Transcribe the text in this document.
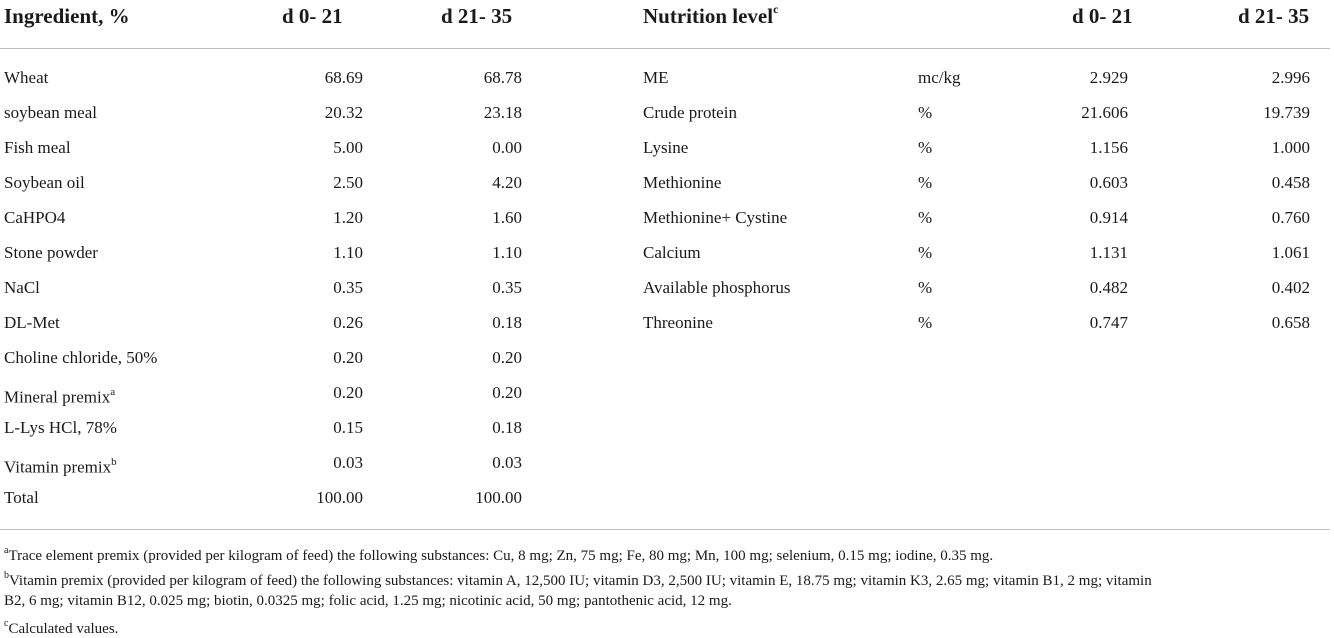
Ingredient, %	d 0- 21	d 21- 35	Nutrition level$^c$	d 0- 21	d 21- 35
Wheat	68.69	68.78
soybean meal	20.32	23.18
Fish meal	5.00	0.00
Soybean oil	2.50	4.20
CaHPO4	1.20	1.60
Stone powder	1.10	1.10
NaCl	0.35	0.35
DL-Met	0.26	0.18
Choline chloride, 50%	0.20	0.20
Mineral premix$^a$	0.20	0.20
L-Lys HCl, 78%	0.15	0.18
Vitamin premix$^b$	0.03	0.03
Total	100.00	100.00
ME	mc/kg	2.929	2.996
Crude protein	%	21.606	19.739
Lysine	%	1.156	1.000
Methionine	%	0.603	0.458
Methionine+ Cystine	%	0.914	0.760
Calcium	%	1.131	1.061
Available phosphorus	%	0.482	0.402
Threonine	%	0.747	0.658
$^a$Trace element premix (provided per kilogram of feed) the following substances: Cu, 8 mg; Zn, 75 mg; Fe, 80 mg; Mn, 100 mg; selenium, 0.15 mg; iodine, 0.35 mg.
$^b$Vitamin premix (provided per kilogram of feed) the following substances: vitamin A, 12,500 IU; vitamin D3, 2,500 IU; vitamin E, 18.75 mg; vitamin K3, 2.65 mg; vitamin B1, 2 mg; vitamin
B2, 6 mg; vitamin B12, 0.025 mg; biotin, 0.0325 mg; folic acid, 1.25 mg; nicotinic acid, 50 mg; pantothenic acid, 12 mg.
$^c$Calculated values.
